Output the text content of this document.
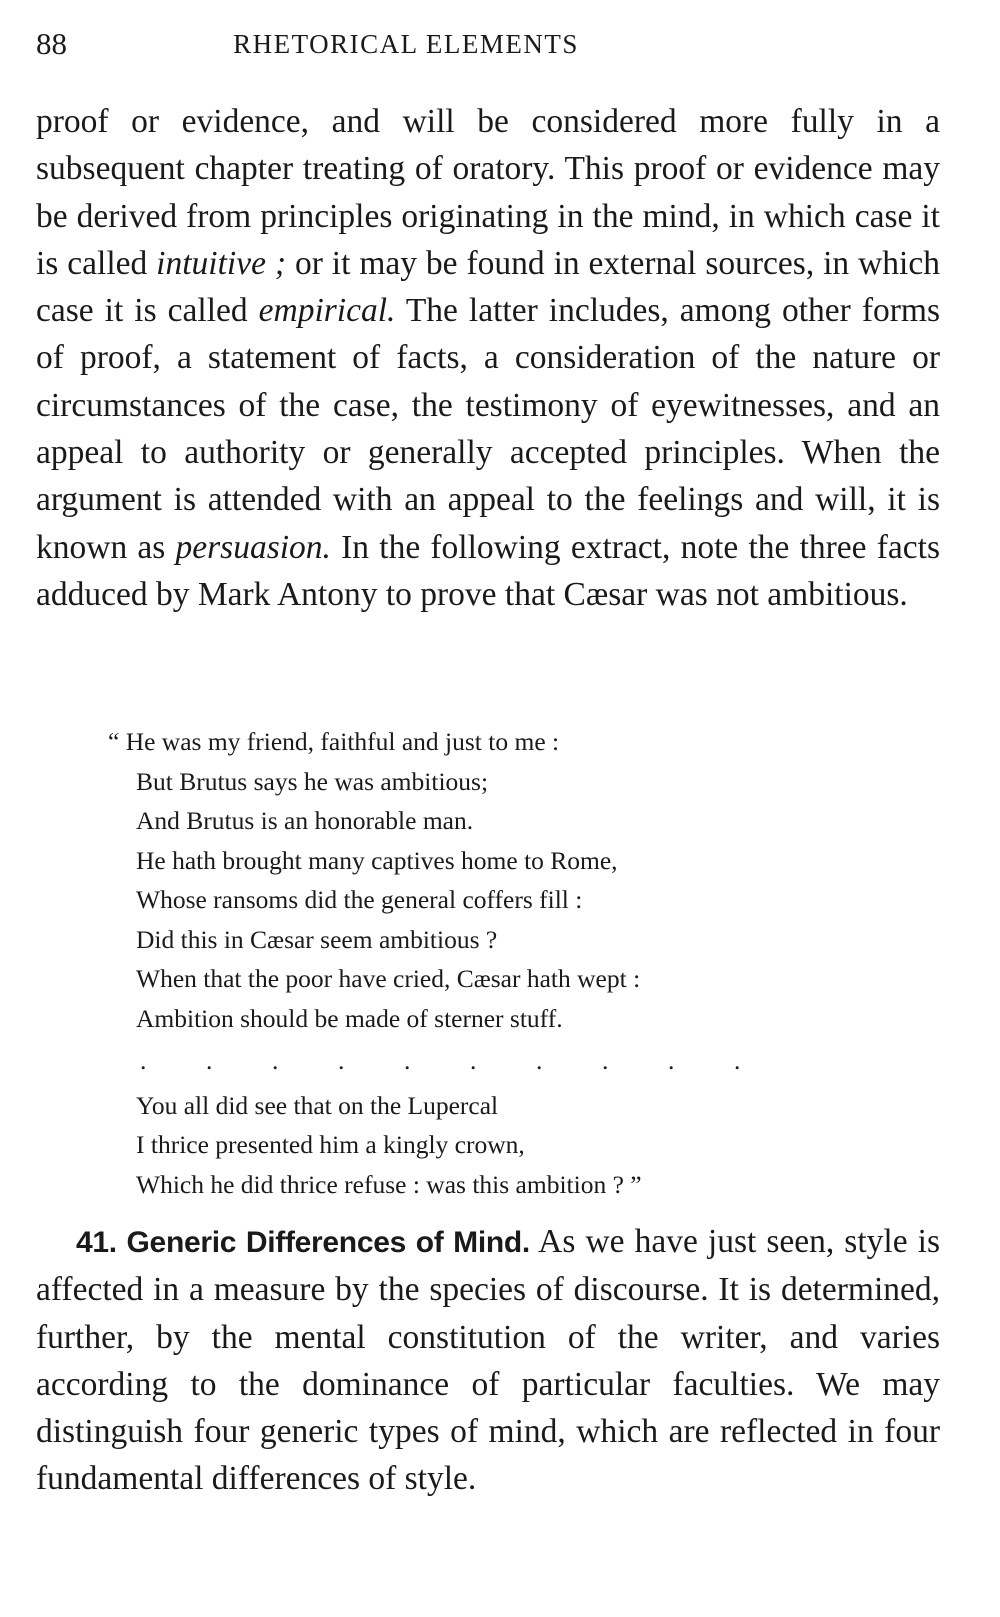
88	RHETORICAL ELEMENTS

proof or evidence, and will be considered more fully in a subsequent chapter treating of oratory. This proof or evidence may be derived from principles originating in the mind, in which case it is called intuitive ; or it may be found in external sources, in which case it is called empirical. The latter includes, among other forms of proof, a statement of facts, a consideration of the nature or circumstances of the case, the testimony of eyewitnesses, and an appeal to authority or generally accepted principles. When the argument is attended with an appeal to the feelings and will, it is known as persuasion. In the following extract, note the three facts adduced by Mark Antony to prove that Cæsar was not ambitious.

“ He was my friend, faithful and just to me :
But Brutus says he was ambitious;
And Brutus is an honorable man.
He hath brought many captives home to Rome,
Whose ransoms did the general coffers fill :
Did this in Cæsar seem ambitious ?
When that the poor have cried, Cæsar hath wept :
Ambition should be made of sterner stuff.
. . . . . . . . . .
You all did see that on the Lupercal
I thrice presented him a kingly crown,
Which he did thrice refuse : was this ambition ? ”

41. Generic Differences of Mind. As we have just seen, style is affected in a measure by the species of discourse. It is determined, further, by the mental constitution of the writer, and varies according to the dominance of particular faculties. We may distinguish four generic types of mind, which are reflected in four fundamental differences of style.
